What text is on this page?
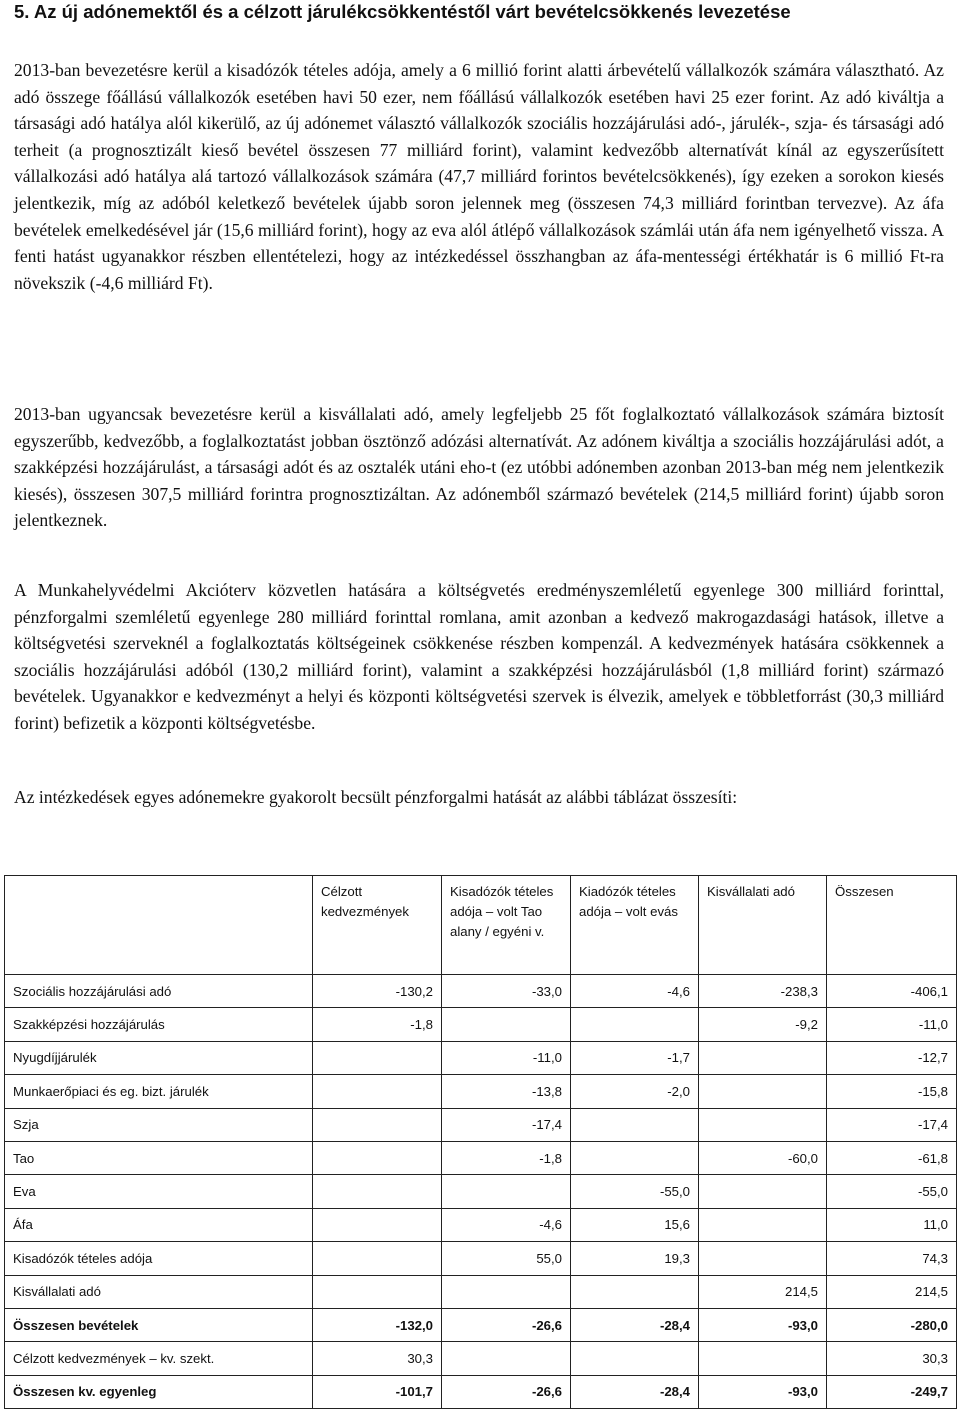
5. Az új adónemektől és a célzott járulékcsökkentéstől várt bevételcsökkenés levezetése

2013-ban bevezetésre kerül a kisadózók tételes adója, amely a 6 millió forint alatti árbevételű vállalkozók számára választható. Az adó összege főállású vállalkozók esetében havi 50 ezer, nem főállású vállalkozók esetében havi 25 ezer forint. Az adó kiváltja a társasági adó hatálya alól kikerülő, az új adónemet választó vállalkozók szociális hozzájárulási adó-, járulék-, szja- és társasági adó terheit (a prognosztizált kieső bevétel összesen 77 milliárd forint), valamint kedvezőbb alternatívát kínál az egyszerűsített vállalkozási adó hatálya alá tartozó vállalkozások számára (47,7 milliárd forintos bevételcsökkenés), így ezeken a sorokon kiesés jelentkezik, míg az adóból keletkező bevételek újabb soron jelennek meg (összesen 74,3 milliárd forintban tervezve). Az áfa bevételek emelkedésével jár (15,6 milliárd forint), hogy az eva alól átlépő vállalkozások számlái után áfa nem igényelhető vissza. A fenti hatást ugyanakkor részben ellentételezi, hogy az intézkedéssel összhangban az áfa-mentességi értékhatár is 6 millió Ft-ra növekszik (-4,6 milliárd Ft).

2013-ban ugyancsak bevezetésre kerül a kisvállalati adó, amely legfeljebb 25 főt foglalkoztató vállalkozások számára biztosít egyszerűbb, kedvezőbb, a foglalkoztatást jobban ösztönző adózási alternatívát. Az adónem kiváltja a szociális hozzájárulási adót, a szakképzési hozzájárulást, a társasági adót és az osztalék utáni eho-t (ez utóbbi adónemben azonban 2013-ban még nem jelentkezik kiesés), összesen 307,5 milliárd forintra prognosztizáltan. Az adónemből származó bevételek (214,5 milliárd forint) újabb soron jelentkeznek.

A Munkahelyvédelmi Akcióterv közvetlen hatására a költségvetés eredményszemléletű egyenlege 300 milliárd forinttal, pénzforgalmi szemléletű egyenlege 280 milliárd forinttal romlana, amit azonban a kedvező makrogazdasági hatások, illetve a költségvetési szerveknél a foglalkoztatás költségeinek csökkenése részben kompenzál. A kedvezmények hatására csökkennek a szociális hozzájárulási adóból (130,2 milliárd forint), valamint a szakképzési hozzájárulásból (1,8 milliárd forint) származó bevételek. Ugyanakkor e kedvezményt a helyi és központi költségvetési szervek is élvezik, amelyek e többletforrást (30,3 milliárd forint) befizetik a központi költségvetésbe.

Az intézkedések egyes adónemekre gyakorolt becsült pénzforgalmi hatását az alábbi táblázat összesíti:

	Célzott kedvezmények	Kisadózók tételes adója – volt Tao alany / egyéni v.	Kiadózók tételes adója – volt evás	Kisvállalati adó	Összesen
Szociális hozzájárulási adó	-130,2	-33,0	-4,6	-238,3	-406,1
Szakképzési hozzájárulás	-1,8			-9,2	-11,0
Nyugdíjjárulék		-11,0	-1,7		-12,7
Munkaerőpiaci és eg. bizt. járulék		-13,8	-2,0		-15,8
Szja		-17,4			-17,4
Tao		-1,8		-60,0	-61,8
Eva			-55,0		-55,0
Áfa		-4,6	15,6		11,0
Kisadózók tételes adója		55,0	19,3		74,3
Kisvállalati adó				214,5	214,5
Összesen bevételek	-132,0	-26,6	-28,4	-93,0	-280,0
Célzott kedvezmények – kv. szekt.	30,3				30,3
Összesen kv. egyenleg	-101,7	-26,6	-28,4	-93,0	-249,7
